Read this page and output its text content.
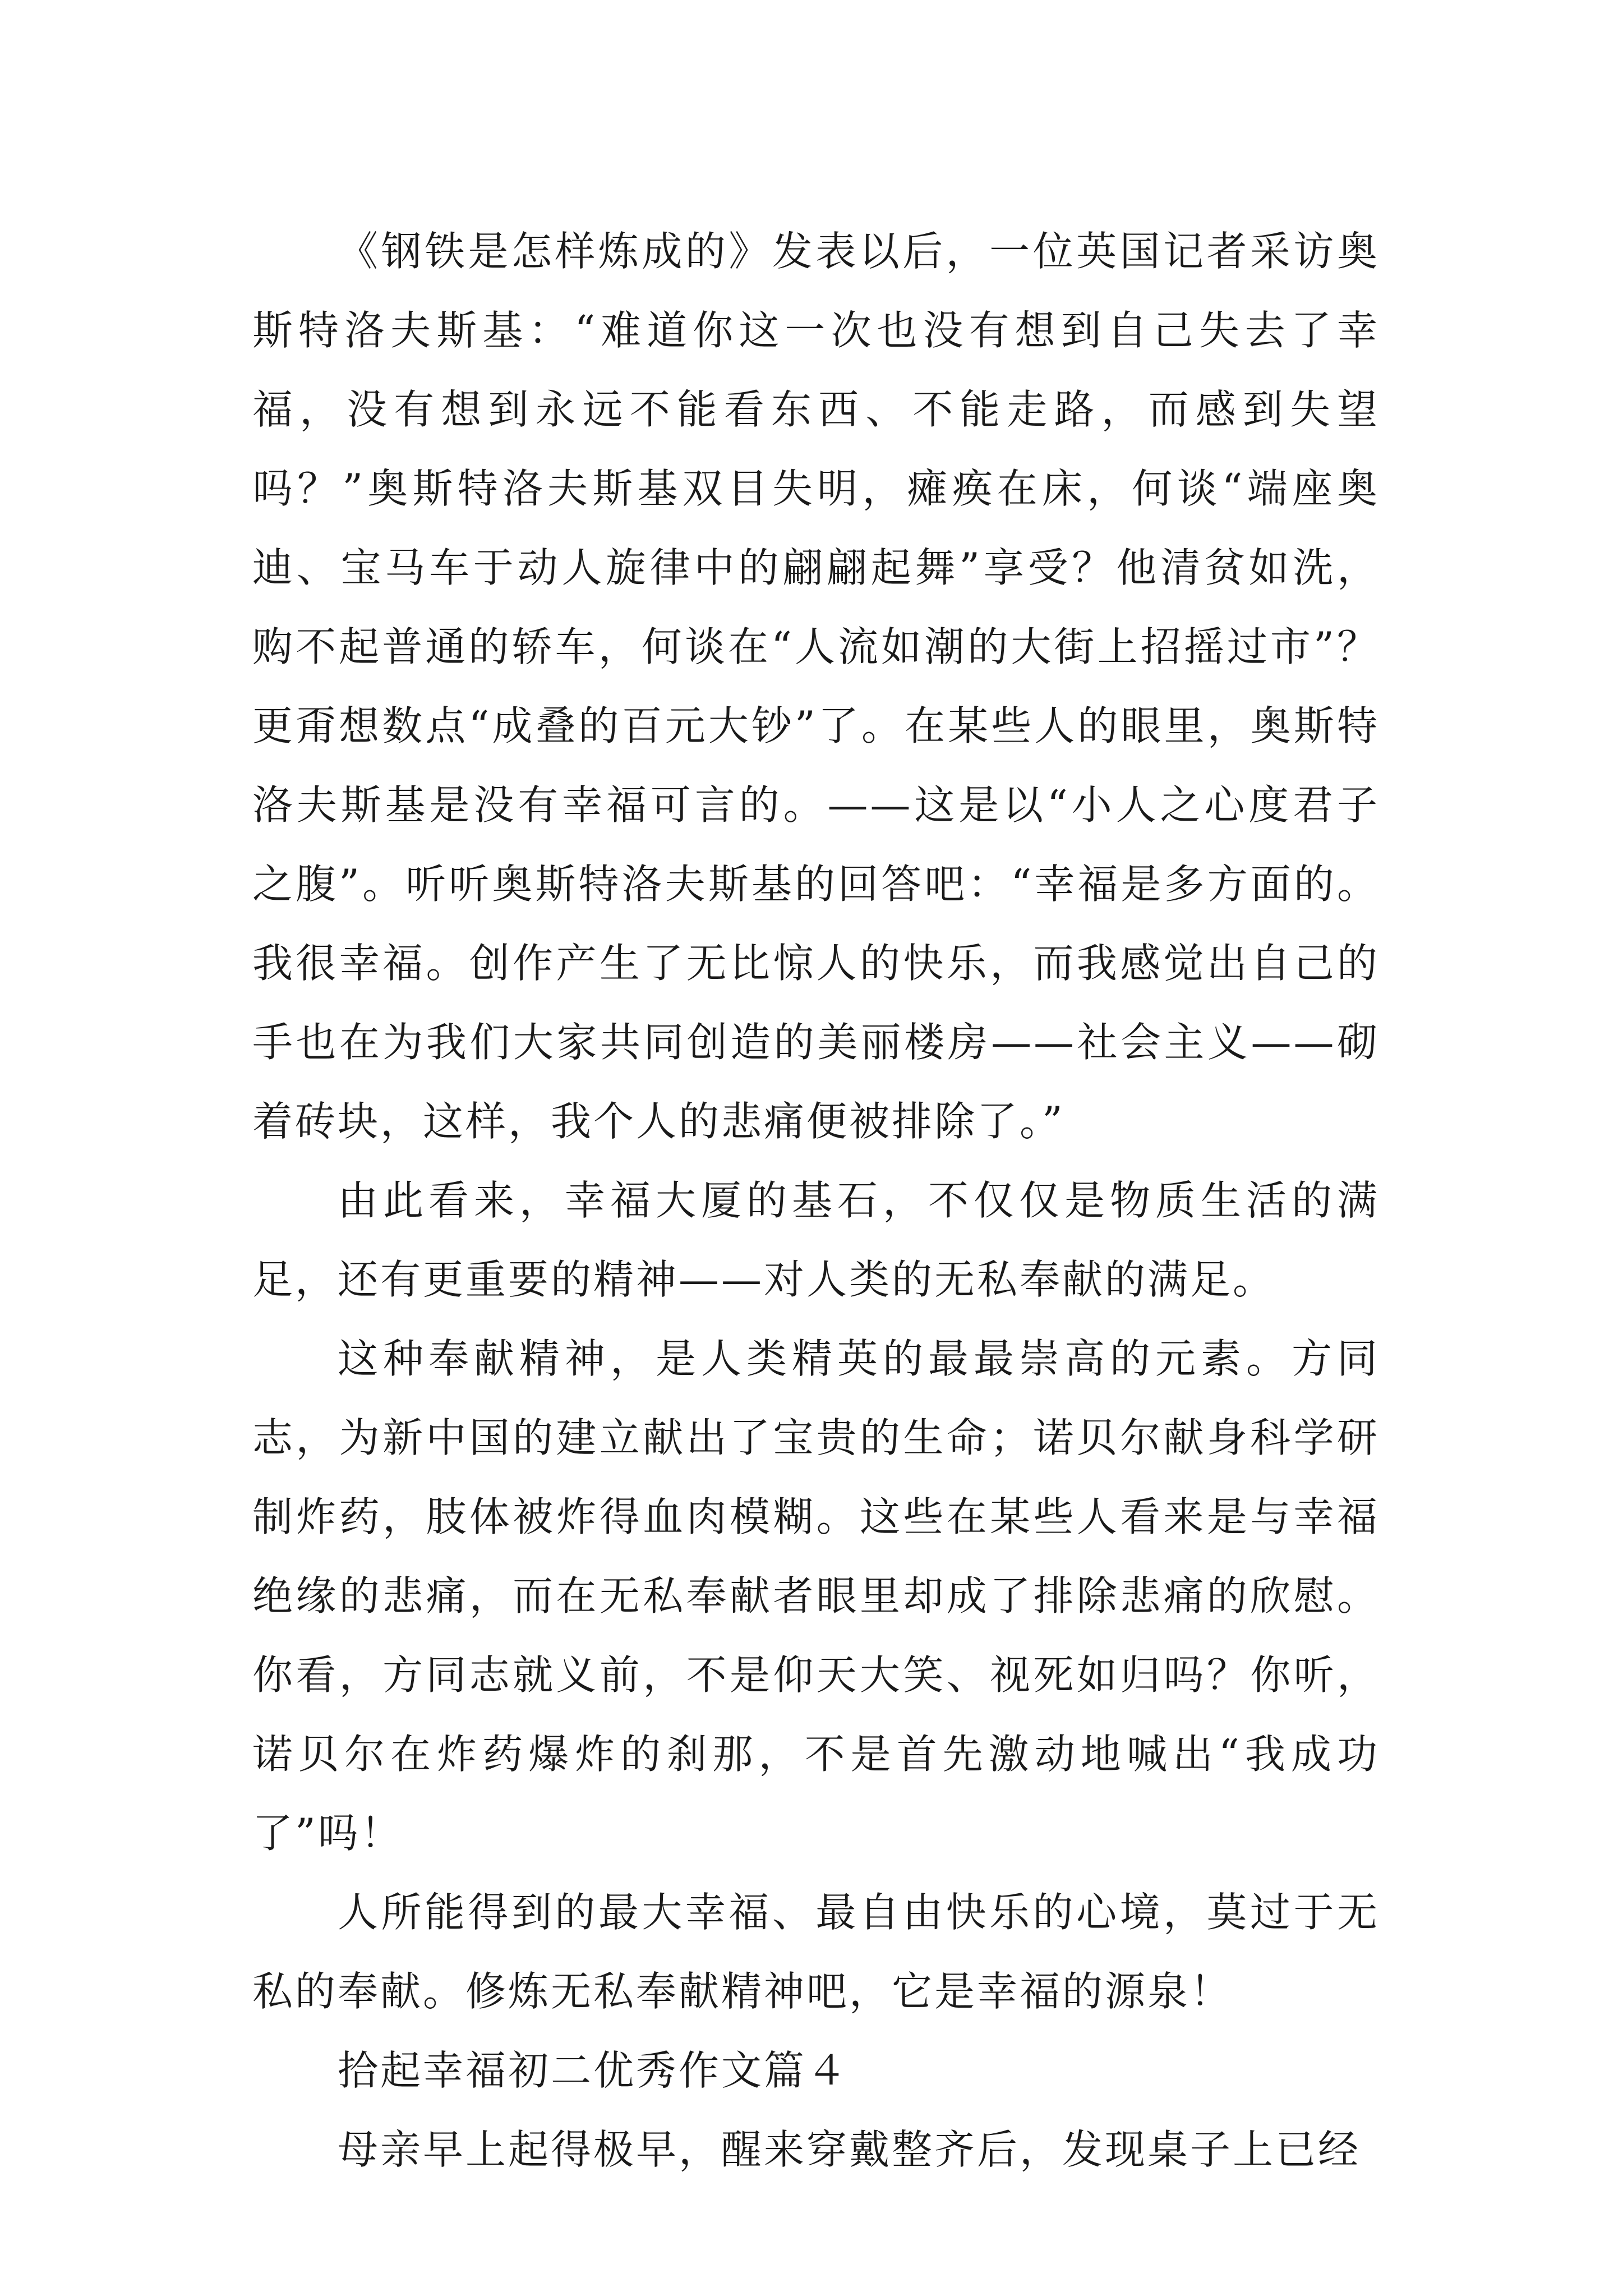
《钢铁是怎样炼成的》发表以后，一位英国记者采访奥斯特洛夫斯基：“难道你这一次也没有想到自己失去了幸福，没有想到永远不能看东西、不能走路，而感到失望吗？”奥斯特洛夫斯基双目失明，瘫痪在床，何谈“端座奥迪、宝马车于动人旋律中的翩翩起舞”享受？他清贫如洗，购不起普通的轿车，何谈在“人流如潮的大街上招摇过市”？更甭想数点“成叠的百元大钞”了。在某些人的眼里，奥斯特洛夫斯基是没有幸福可言的。——这是以“小人之心度君子之腹”。听听奥斯特洛夫斯基的回答吧：“幸福是多方面的。我很幸福。创作产生了无比惊人的快乐，而我感觉出自己的手也在为我们大家共同创造的美丽楼房——社会主义——砌着砖块，这样，我个人的悲痛便被排除了。”

由此看来，幸福大厦的基石，不仅仅是物质生活的满足，还有更重要的精神——对人类的无私奉献的满足。

这种奉献精神，是人类精英的最最崇高的元素。方同志，为新中国的建立献出了宝贵的生命；诺贝尔献身科学研制炸药，肢体被炸得血肉模糊。这些在某些人看来是与幸福绝缘的悲痛，而在无私奉献者眼里却成了排除悲痛的欣慰。你看，方同志就义前，不是仰天大笑、视死如归吗？你听，诺贝尔在炸药爆炸的刹那，不是首先激动地喊出“我成功了”吗！

人所能得到的最大幸福、最自由快乐的心境，莫过于无私的奉献。修炼无私奉献精神吧，它是幸福的源泉！

拾起幸福初二优秀作文篇４

母亲早上起得极早，醒来穿戴整齐后，发现桌子上已经
